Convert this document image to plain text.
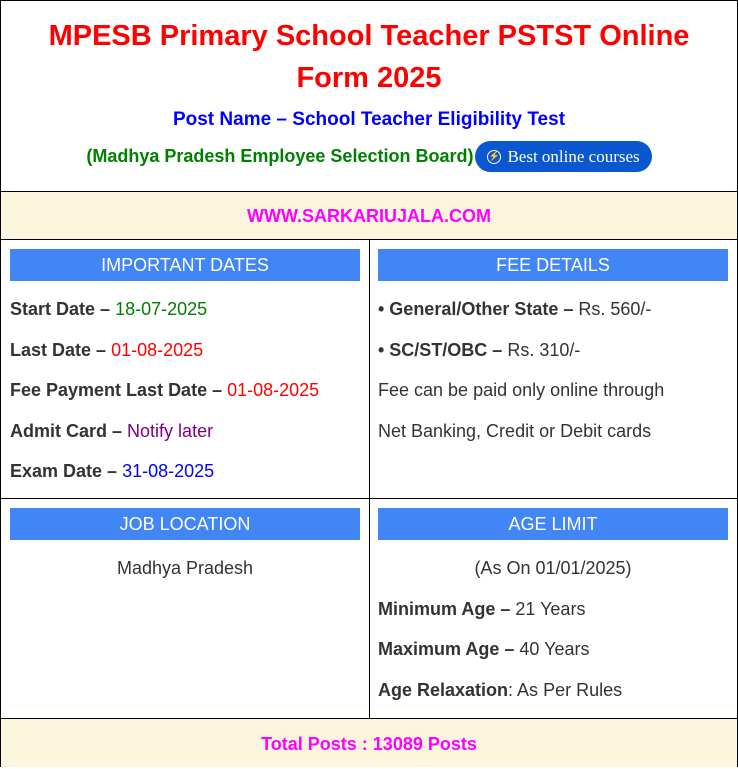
MPESB Primary School Teacher PSTST Online Form 2025
Post Name – School Teacher Eligibility Test
(Madhya Pradesh Employee Selection Board) ⚡ Best online courses
WWW.SARKARIUJALA.COM
IMPORTANT DATES
Start Date – 18-07-2025
Last Date – 01-08-2025
Fee Payment Last Date – 01-08-2025
Admit Card – Notify later
Exam Date – 31-08-2025
FEE DETAILS
• General/Other State – Rs. 560/-
• SC/ST/OBC – Rs. 310/-
Fee can be paid only online through
Net Banking, Credit or Debit cards
JOB LOCATION
Madhya Pradesh
AGE LIMIT
(As On 01/01/2025)
Minimum Age – 21 Years
Maximum Age – 40 Years
Age Relaxation: As Per Rules
Total Posts : 13089 Posts
